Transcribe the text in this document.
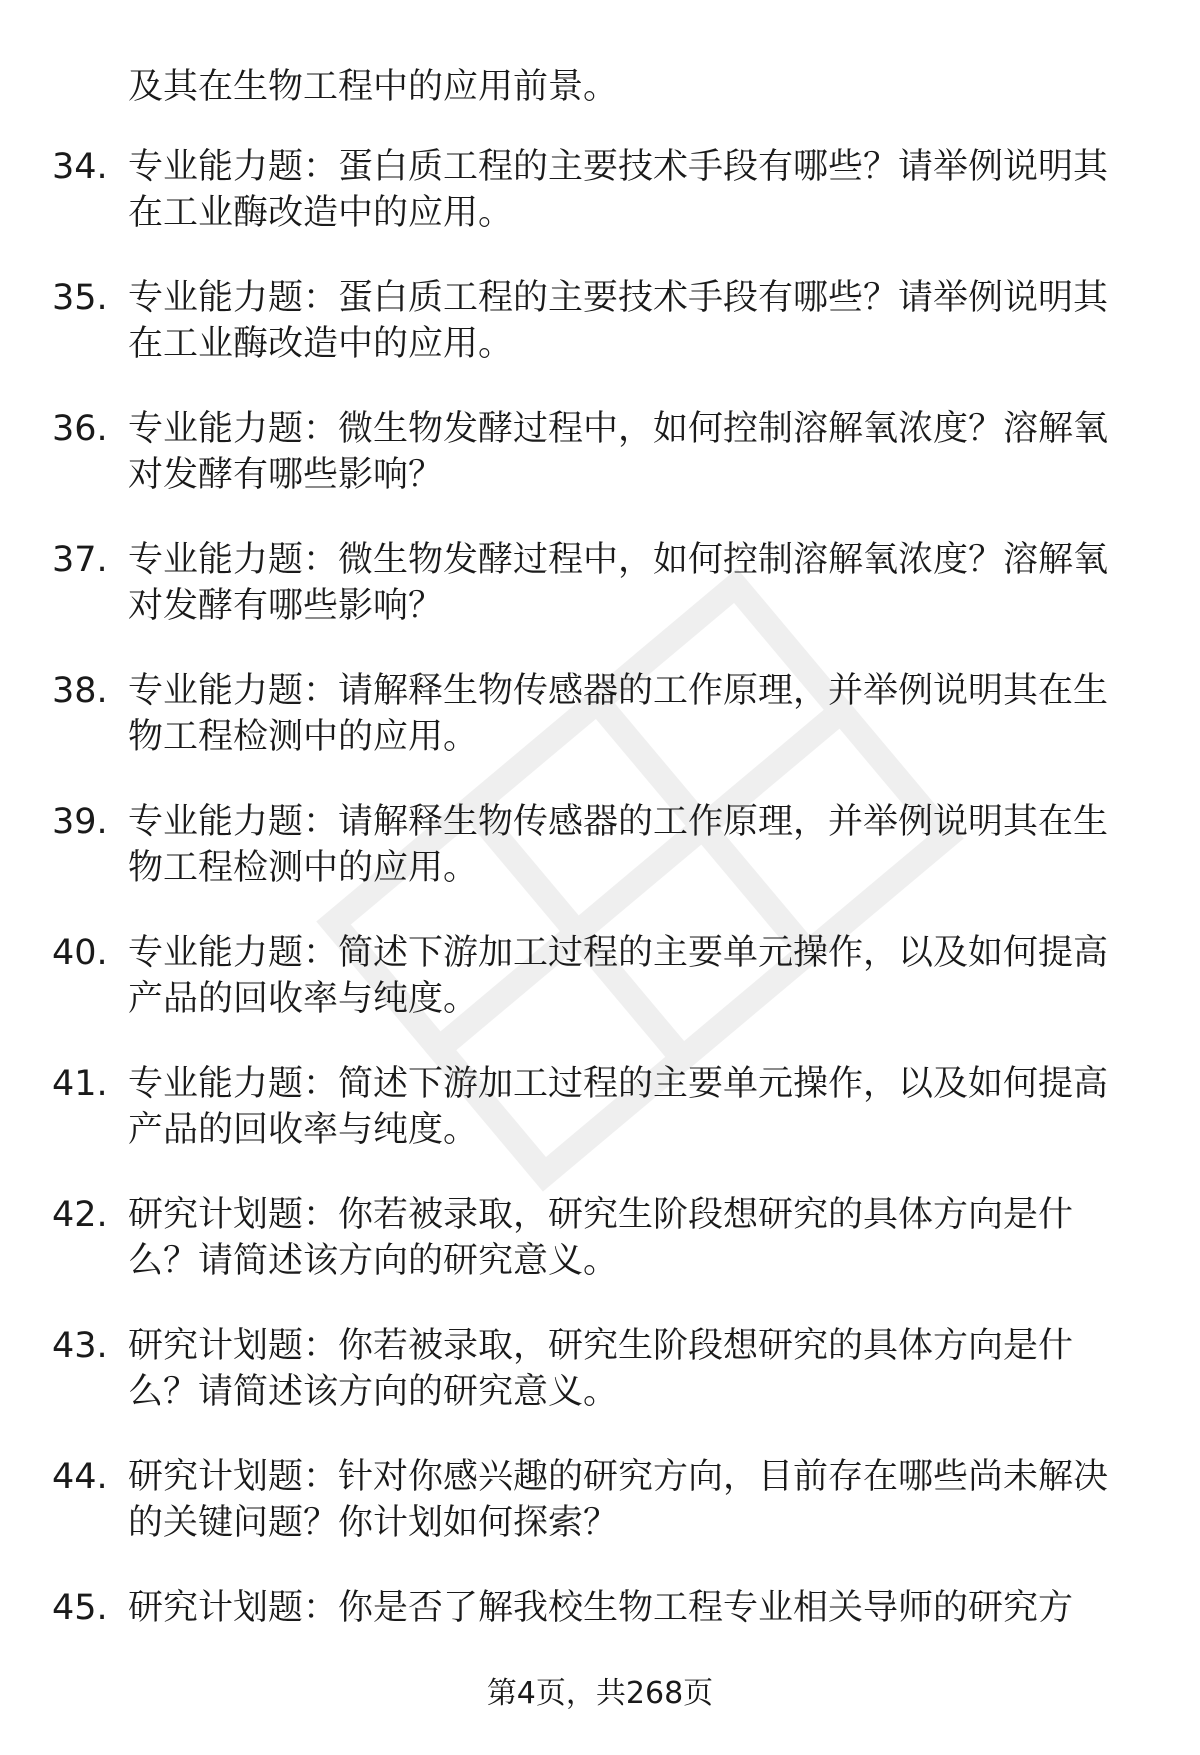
及其在生物工程中的应用前景。
34. 专业能力题：蛋白质工程的主要技术手段有哪些？请举例说明其在工业酶改造中的应用。
35. 专业能力题：蛋白质工程的主要技术手段有哪些？请举例说明其在工业酶改造中的应用。
36. 专业能力题：微生物发酵过程中，如何控制溶解氧浓度？溶解氧对发酵有哪些影响？
37. 专业能力题：微生物发酵过程中，如何控制溶解氧浓度？溶解氧对发酵有哪些影响？
38. 专业能力题：请解释生物传感器的工作原理，并举例说明其在生物工程检测中的应用。
39. 专业能力题：请解释生物传感器的工作原理，并举例说明其在生物工程检测中的应用。
40. 专业能力题：简述下游加工过程的主要单元操作，以及如何提高产品的回收率与纯度。
41. 专业能力题：简述下游加工过程的主要单元操作，以及如何提高产品的回收率与纯度。
42. 研究计划题：你若被录取，研究生阶段想研究的具体方向是什么？请简述该方向的研究意义。
43. 研究计划题：你若被录取，研究生阶段想研究的具体方向是什么？请简述该方向的研究意义。
44. 研究计划题：针对你感兴趣的研究方向，目前存在哪些尚未解决的关键问题？你计划如何探索？
45. 研究计划题：你是否了解我校生物工程专业相关导师的研究方
第4页，共268页
